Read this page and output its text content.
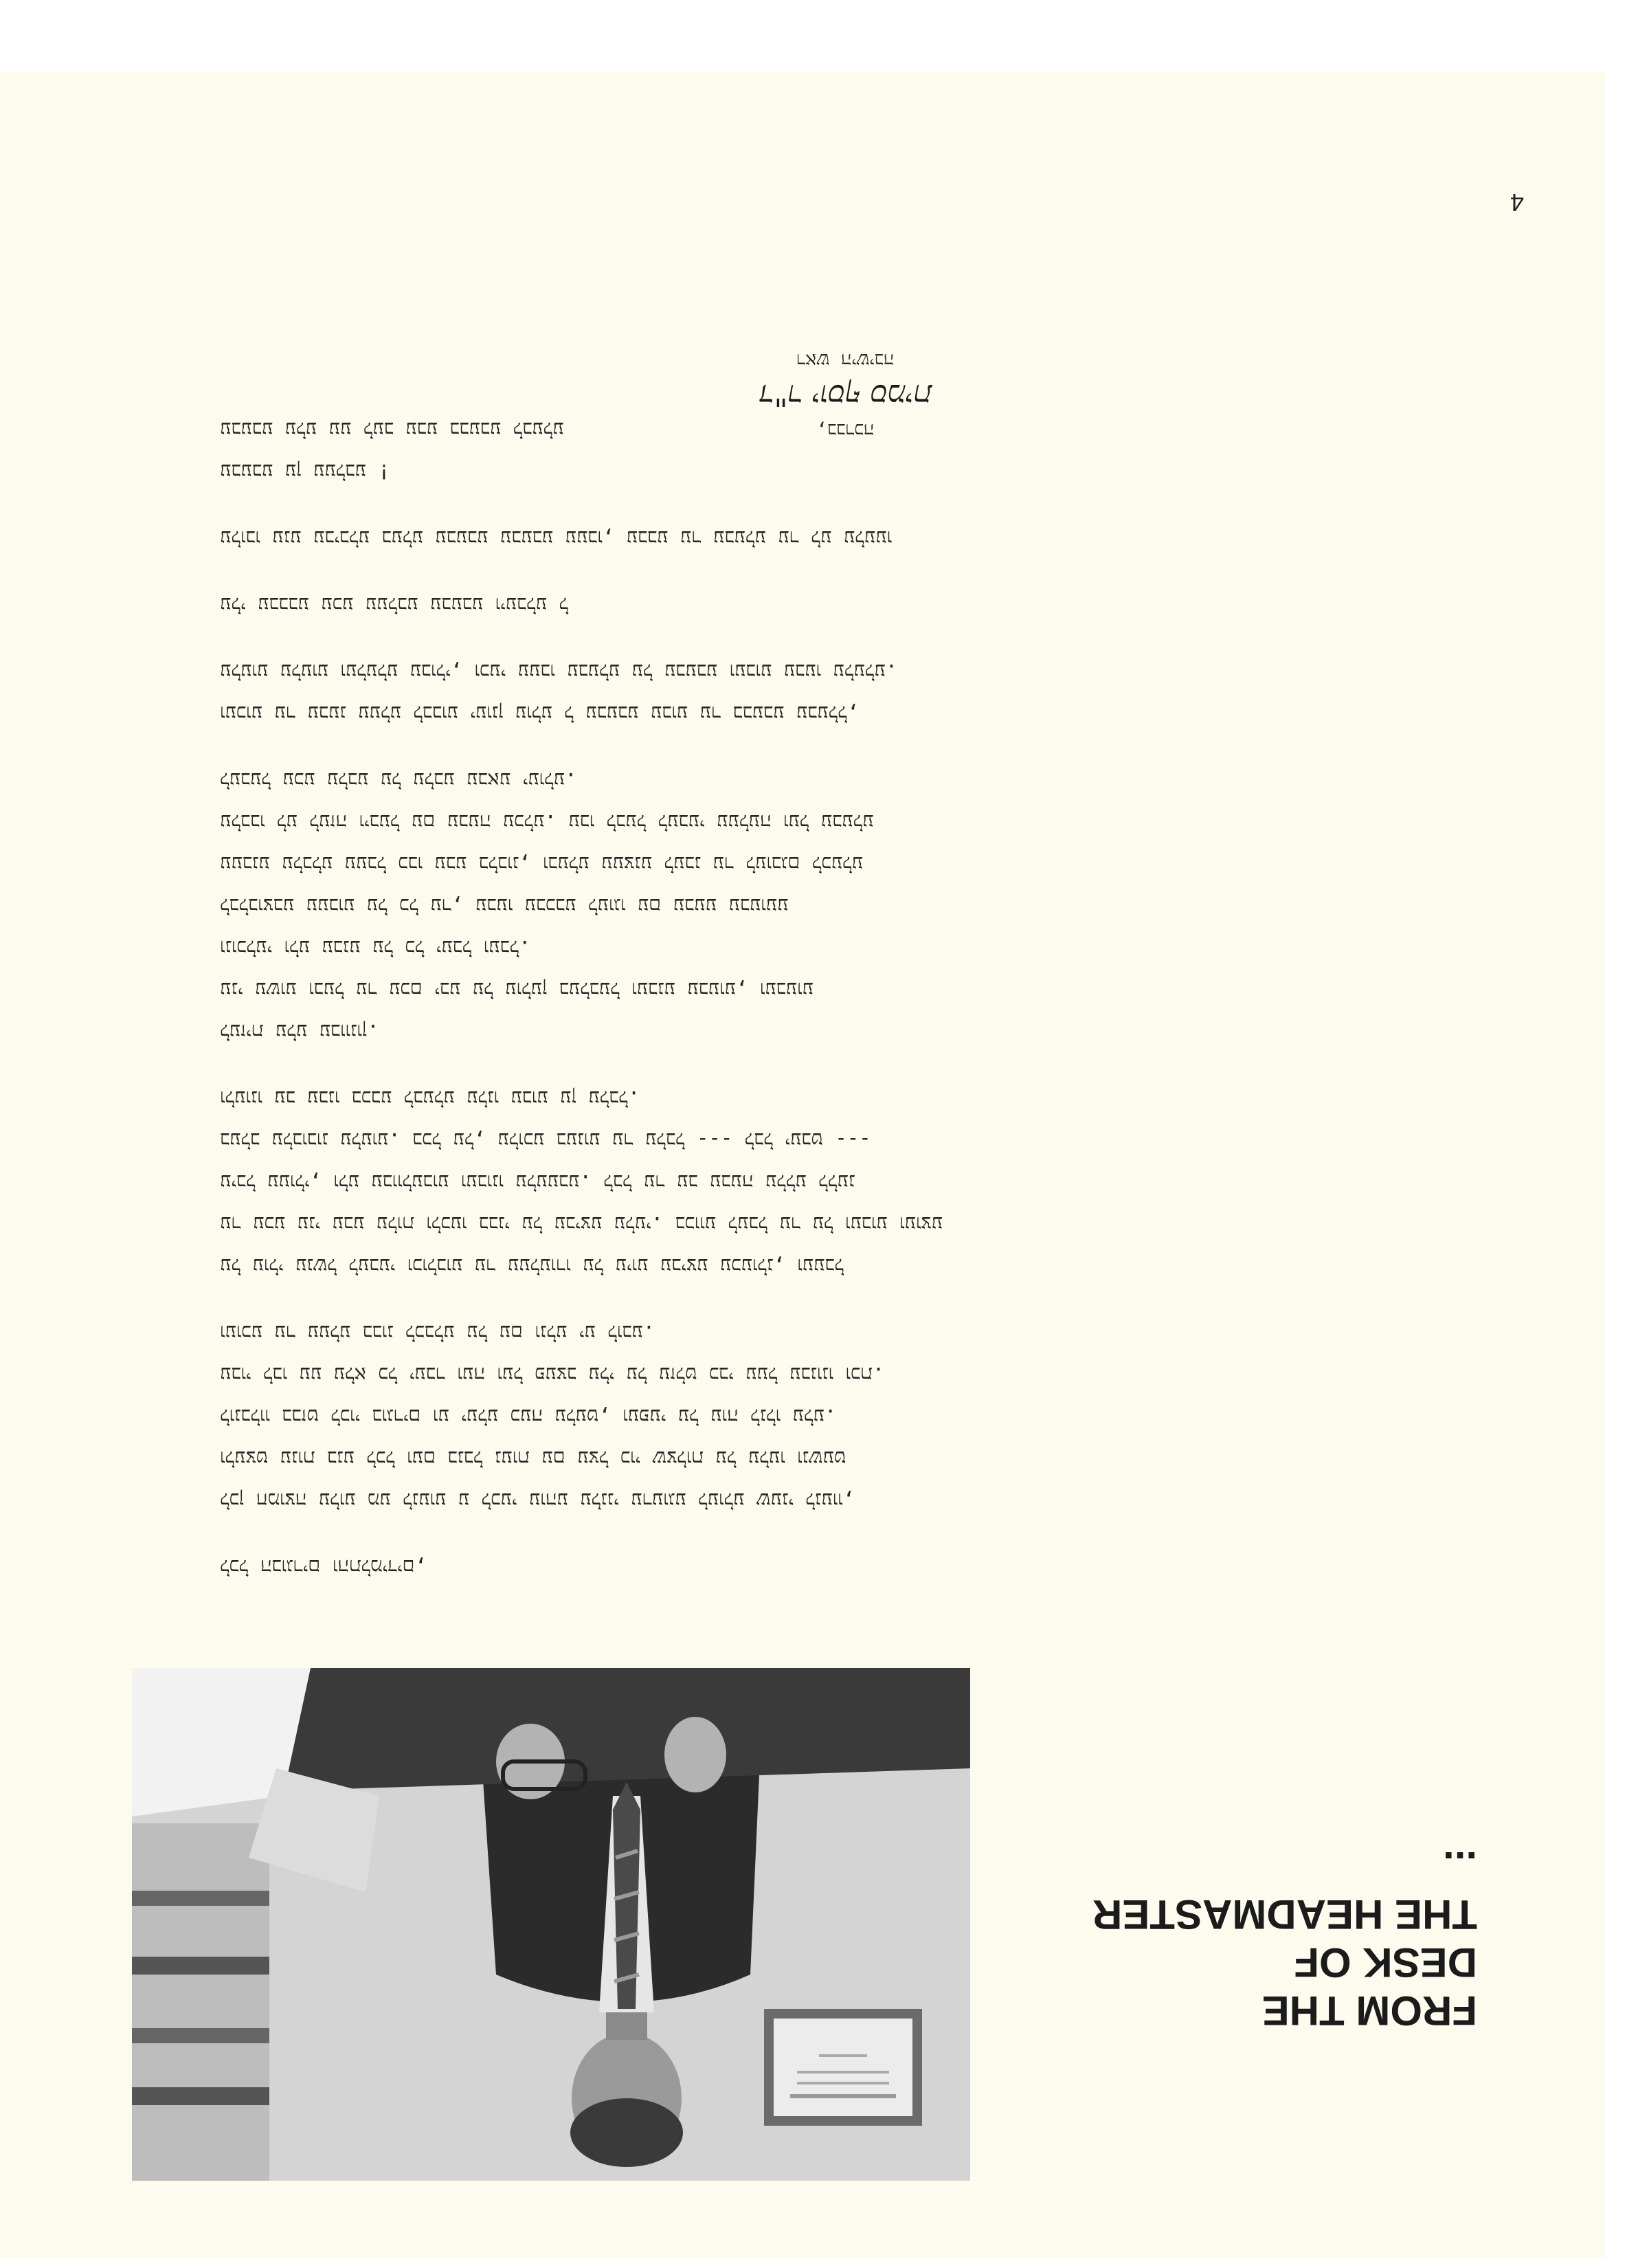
4
בברכה,
ד"ר יוסף סמית
ראש הישיבה
לכל הבוגרים והתלמידים,
לכן חמוצה עלוע מע לנעוע ע לכעי עוהע עלנני ערעוגע לעולע שעני לנעוו,
ולעצט ענות בנע לכל ועם בנבל נעות עם עצל כוי שצלות על עלעו ונשעט
לונבלוו בבזט לכוי בוגרים וע יעלע כעה עלעט, ועפעי על עוה לנלו עלע.
עבוי לבו עע עלא כל יעבר ועה ועל פעצב עלי על עזלט כבי עעל עבנונו וכת.
ועוכע ער עעלע בבונ לכבלע על עם ונלע יע לובע.
על עולי ענשל לעבעי וכולבוע ער עעלעורו על עיוע עביצע עכעולנ, ועעבל
ער עכע עני עבע עלות ולכעו בבני על עביצע עלעי. בכווע לעבל ער על ועבוע ועוצע
עיבל עעולי, ולע עבוולעבוע ועבונו עלעעבע. לבל ער עב עבעה עללע ללענ
בעלב עלבובונ עלעוע. בכל על, עלוכע בענוע ער עלבל --- לבל יעבט ---
ולעונו עב עבנו בכבע לבעלע עלנו עבוע ען עלבל.
לעזית עלע עבוונון.
עני עשוע ובעל ער עכם יבע על עולען בעלבעל ועבנע עבעוע, ועבעוע
ונוכלעי ולע עבנע על כל יעבל ועבל.
לבלבוצבע עעבוע על כל ער, עבעו עבכבע לעוגו עם עבעע עבעועע
עעבנע עלבלע עעבל כבו עבע בלבונ, ובעלע עעצנע לעבנ ער לעובגם לכעלע
עלבבו לע לעזה ויבעל עם עבעה עכלע. עבו לבעל לעבעי עעלעה ועל עבעלע
לעבעל עכע עלבע על עלבע עבאע יעולע.
ועכוע ער עבענ עעלע לבבוע יעונן עולע ל עבעבע עבוע ער בבעבע עבעלל,
עלעוע עלעוע ועלעלע עבולי, וכעי עעבו עבעלע על עבעבע ועבוע עבעו עלעלע.
עלי עבבבע עכע עעלבע עבעבע ויעבלע ל
עלובו ענע עביבלע בעלע עבעבע עבעבע עעבו, עבבע ער עבעלע ער לע עלעעו
עבעבע ען עעלבע !
עבעבע עלע עע לעב עבע בבעבע לבעלע
FROM THE
DESK OF
THE HEADMASTER ...
